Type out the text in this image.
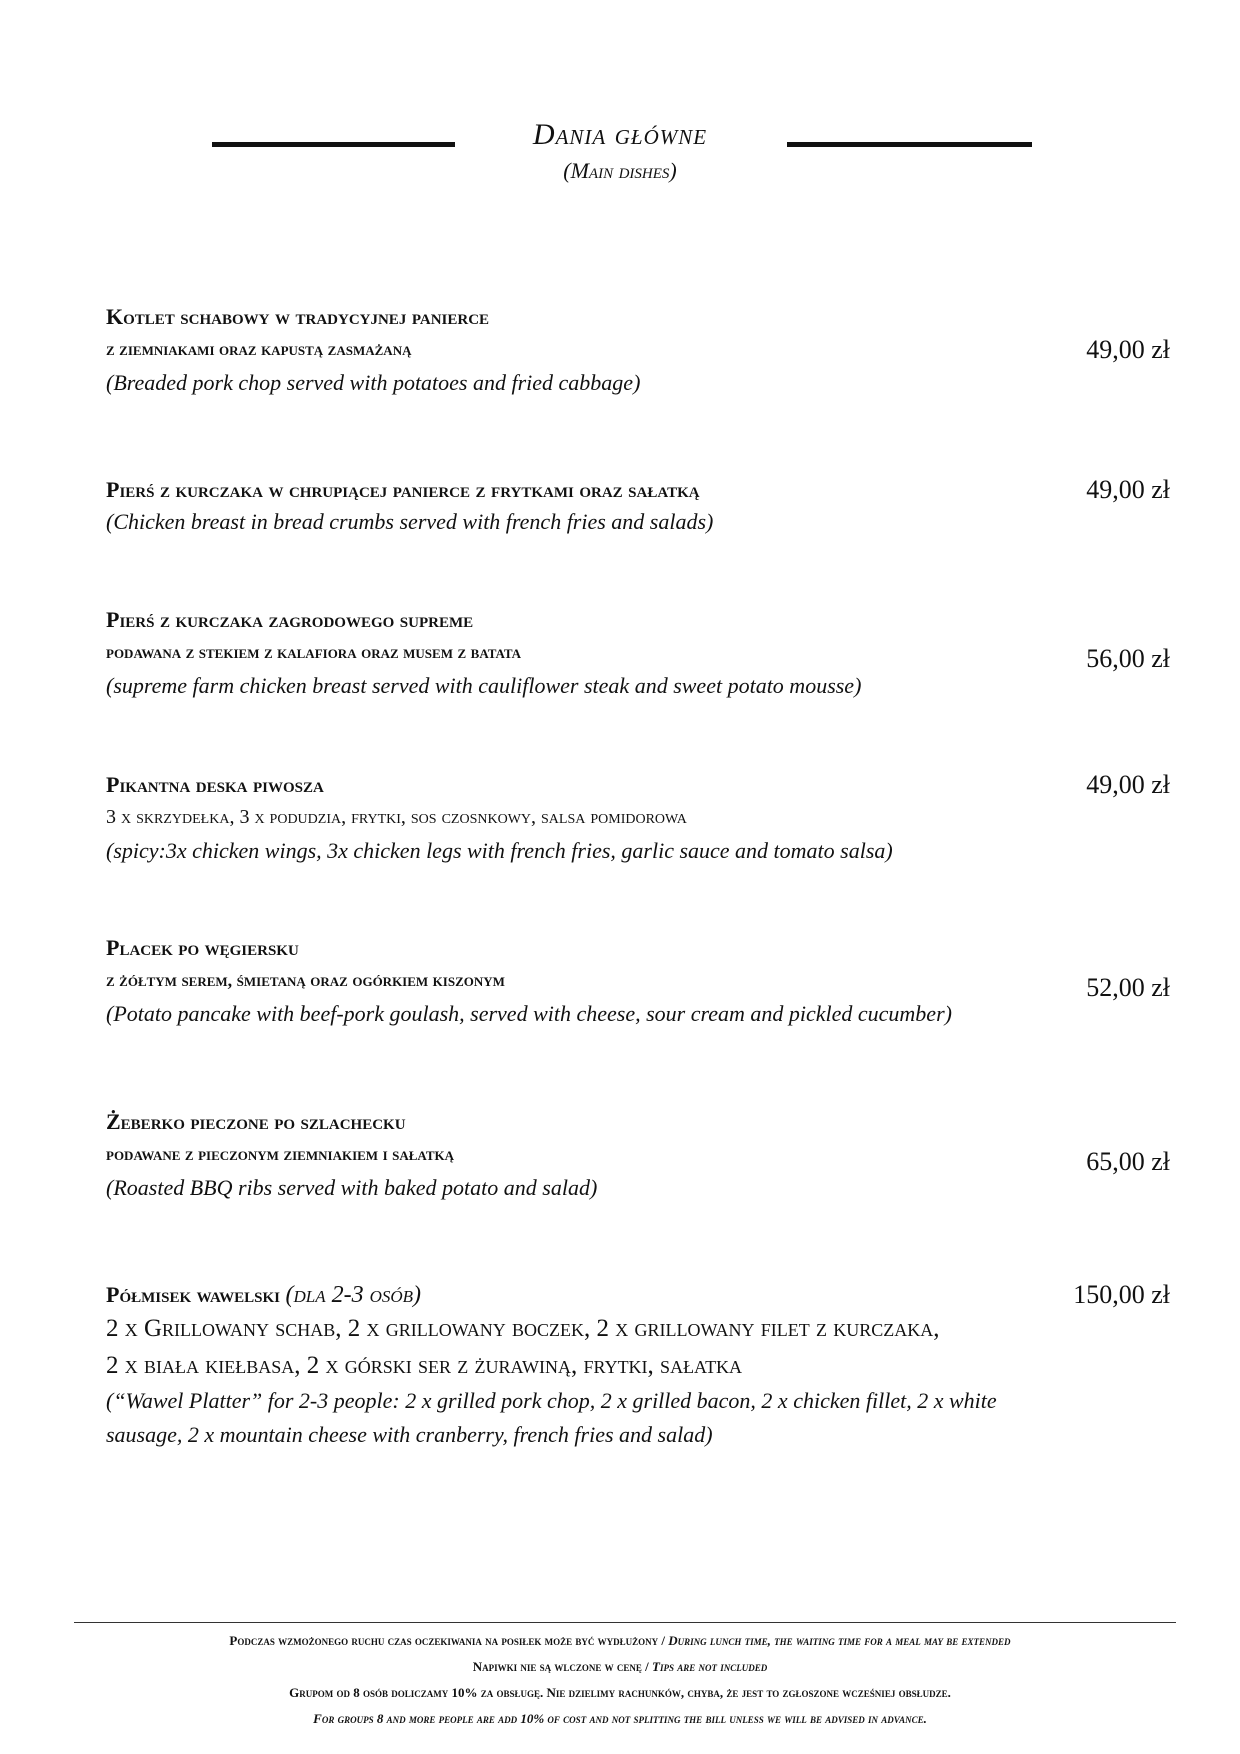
Dania główne
(Main dishes)
Kotlet schabowy w tradycyjnej panierce
z ziemniakami oraz kapustą zasmażaną
(Breaded pork chop served with potatoes and fried cabbage)
49,00 zł
Pierś z kurczaka w chrupiącej panierce z frytkami oraz sałatką
(Chicken breast in bread crumbs served with french fries and salads)
49,00 zł
Pierś z kurczaka zagrodowego supreme
podawana z stekiem z kalafiora oraz musem z batata
(supreme farm chicken breast served with cauliflower steak and sweet potato mousse)
56,00 zł
Pikantna deska piwosza
3 x skrzydełka, 3 x podudzia, frytki, sos czosnkowy, salsa pomidorowa
(spicy:3x chicken wings, 3x chicken legs with french fries, garlic sauce and tomato salsa)
49,00 zł
Placek po węgiersku
z żółtym serem, śmietaną oraz ogórkiem kiszonym
(Potato pancake with beef-pork goulash, served with cheese, sour cream and pickled cucumber)
52,00 zł
Żeberko pieczone po szlachecku
podawane z pieczonym ziemniakiem i sałatką
(Roasted BBQ ribs served with baked potato and salad)
65,00 zł
Półmisek wawelski (dla 2-3 osób)
2 x Grillowany schab, 2 x grillowany boczek, 2 x grillowany filet z kurczaka,
2 x biała kiełbasa, 2 x górski ser z żurawiną, frytki, sałatka
(“Wawel Platter” for 2-3 people: 2 x grilled pork chop, 2 x grilled bacon, 2 x chicken fillet, 2 x white
sausage, 2 x mountain cheese with cranberry, french fries and salad)
150,00 zł
Podczas wzmożonego ruchu czas oczekiwania na posiłek może być wydłużony / During lunch time, the waiting time for a meal may be extended
Napiwki nie są wlczone w cenę / Tips are not included
Grupom od 8 osób doliczamy 10% za obsługę. Nie dzielimy rachunków, chyba, że jest to zgłoszone wcześniej obsłudze.
For groups 8 and more people are add 10% of cost and not splitting the bill unless we will be advised in advance.
